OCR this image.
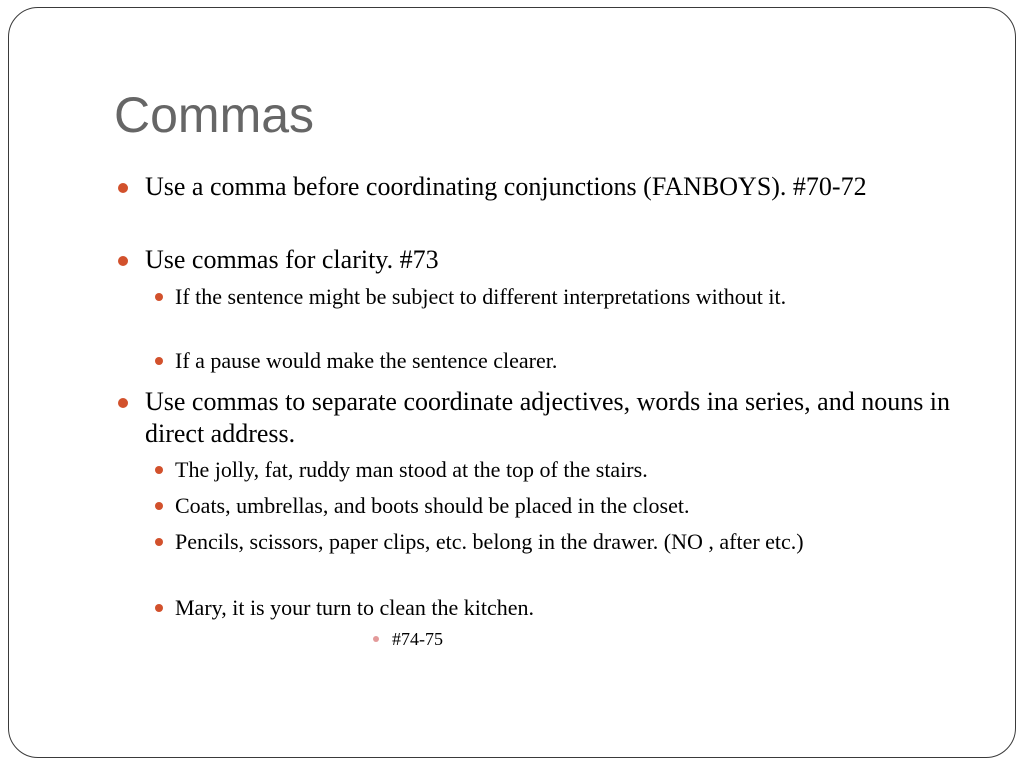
Commas

Use a comma before coordinating conjunctions (FANBOYS). #70-72

Use commas for clarity. #73

If the sentence might be subject to different interpretations without it.

If a pause would make the sentence clearer.

Use commas to separate coordinate adjectives, words ina series, and nouns in direct address.

The jolly, fat, ruddy man stood at the top of the stairs.

Coats, umbrellas, and boots should be placed in the closet.

Pencils, scissors, paper clips, etc. belong in the drawer. (NO , after etc.)

Mary, it is your turn to clean the kitchen.

#74-75
